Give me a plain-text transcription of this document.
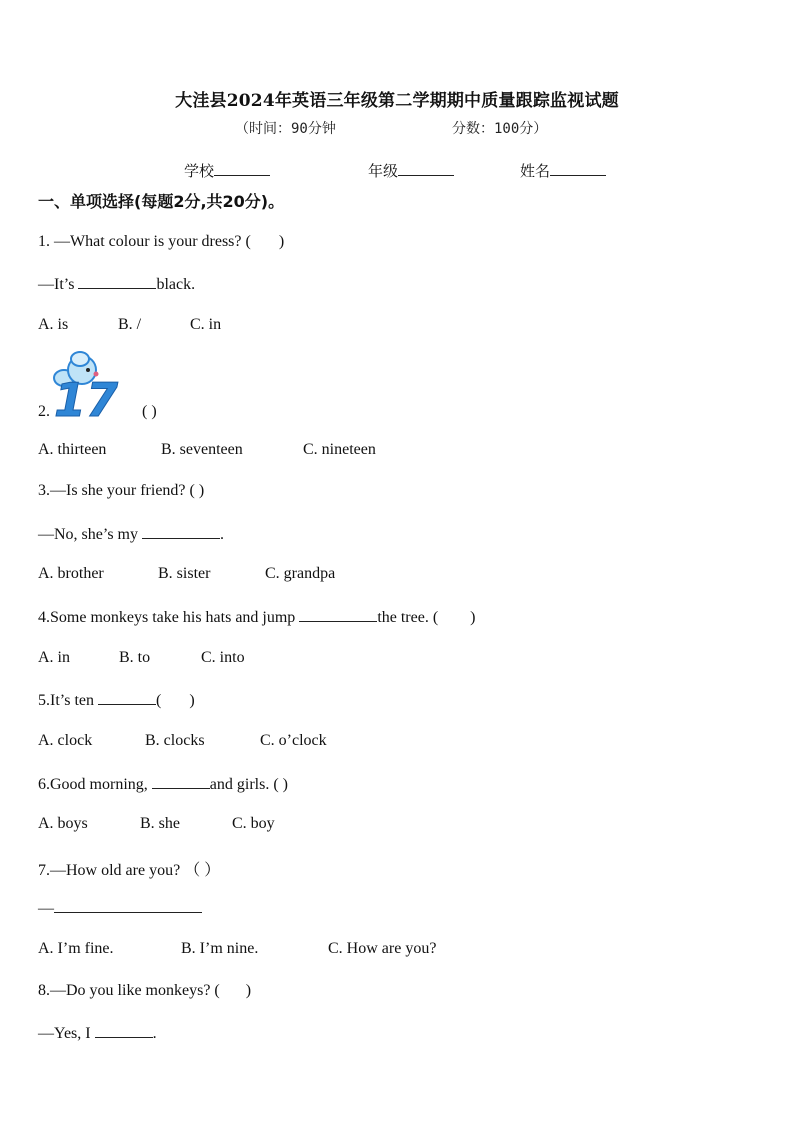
大洼县2024年英语三年级第二学期期中质量跟踪监视试题
（时间：90分钟	分数：100分）
学校	年级	姓名
一、单项选择(每题2分,共20分)。
1. —What colour is your dress? ( )
—It’s	black.
A. is	B. /	C. in
2. 17 ( )
A. thirteen	B. seventeen	C. nineteen
3.—Is she your friend? ( )
—No, she’s my	.
A. brother	B. sister	C. grandpa
4.Some monkeys take his hats and jump	the tree. ( )
A. in	B. to	C. into
5.It’s ten	( )
A. clock	B. clocks	C. o’clock
6.Good morning,	and girls. ( )
A. boys	B. she	C. boy
7.—How old are you? （ ）
—
A. I’m fine.	B. I’m nine.	C. How are you?
8.—Do you like monkeys? ( )
—Yes, I	.
